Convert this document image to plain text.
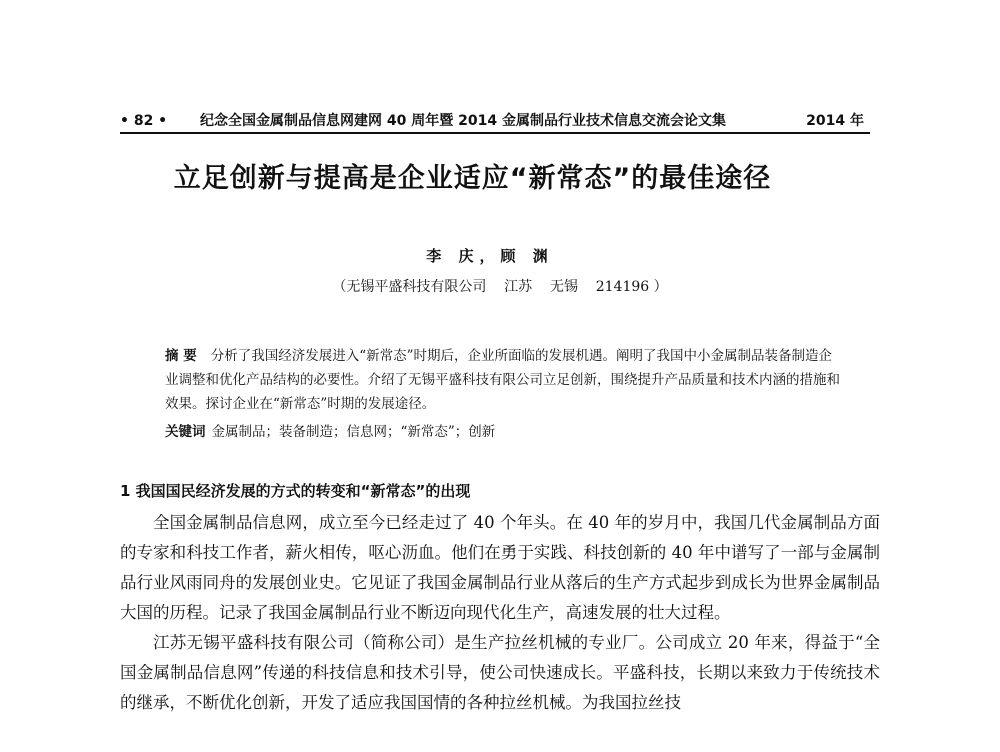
• 82 • 纪念全国金属制品信息网建网 40 周年暨 2014 金属制品行业技术信息交流会论文集	2014 年
立足创新与提高是企业适应“新常态”的最佳途径
李 庆，顾 渊
（无锡平盛科技有限公司    江苏    无锡    214196 ）
摘 要 分析了我国经济发展进入“新常态”时期后，企业所面临的发展机遇。阐明了我国中小金属制品装备制造企业调整和优化产品结构的必要性。介绍了无锡平盛科技有限公司立足创新，围绕提升产品质量和技术内涵的措施和效果。探讨企业在“新常态”时期的发展途径。
关键词 金属制品；装备制造；信息网；“新常态”；创新
1 我国国民经济发展的方式的转变和“新常态”的出现

全国金属制品信息网，成立至今已经走过了 40 个年头。在 40 年的岁月中，我国几代金属制品方面的专家和科技工作者，薪火相传，呕心沥血。他们在勇于实践、科技创新的 40 年中谱写了一部与金属制品行业风雨同舟的发展创业史。它见证了我国金属制品行业从落后的生产方式起步到成长为世界金属制品大国的历程。记录了我国金属制品行业不断迈向现代化生产，高速发展的壮大过程。

江苏无锡平盛科技有限公司（简称公司）是生产拉丝机械的专业厂。公司成立 20 年来，得益于“全国金属制品信息网”传递的科技信息和技术引导，使公司快速成长。平盛科技，长期以来致力于传统技术的继承，不断优化创新，开发了适应我国国情的各种拉丝机械。为我国拉丝技
